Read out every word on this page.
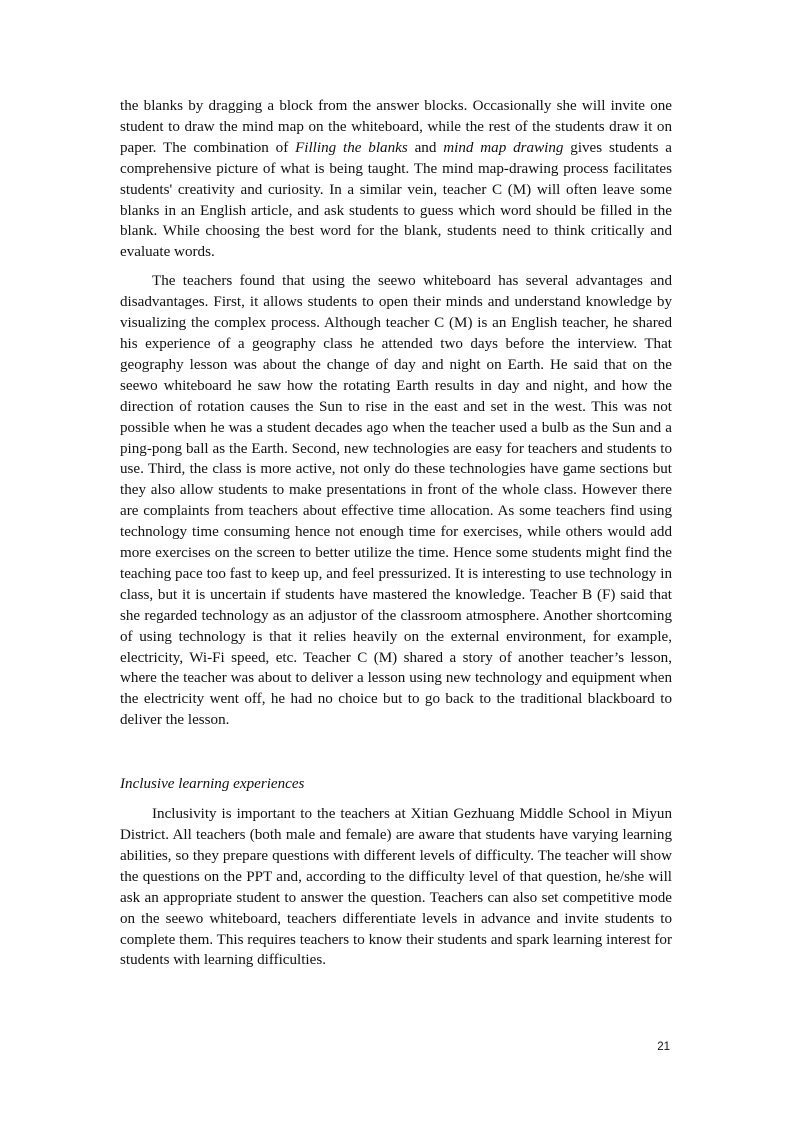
the blanks by dragging a block from the answer blocks. Occasionally she will invite one student to draw the mind map on the whiteboard, while the rest of the students draw it on paper. The combination of Filling the blanks and mind map drawing gives students a comprehensive picture of what is being taught. The mind map-drawing process facilitates students' creativity and curiosity. In a similar vein, teacher C (M) will often leave some blanks in an English article, and ask students to guess which word should be filled in the blank. While choosing the best word for the blank, students need to think critically and evaluate words.

The teachers found that using the seewo whiteboard has several advantages and disadvantages. First, it allows students to open their minds and understand knowledge by visualizing the complex process. Although teacher C (M) is an English teacher, he shared his experience of a geography class he attended two days before the interview. That geography lesson was about the change of day and night on Earth. He said that on the seewo whiteboard he saw how the rotating Earth results in day and night, and how the direction of rotation causes the Sun to rise in the east and set in the west. This was not possible when he was a student decades ago when the teacher used a bulb as the Sun and a ping-pong ball as the Earth. Second, new technologies are easy for teachers and students to use. Third, the class is more active, not only do these technologies have game sections but they also allow students to make presentations in front of the whole class. However there are complaints from teachers about effective time allocation. As some teachers find using technology time consuming hence not enough time for exercises, while others would add more exercises on the screen to better utilize the time. Hence some students might find the teaching pace too fast to keep up, and feel pressurized. It is interesting to use technology in class, but it is uncertain if students have mastered the knowledge. Teacher B (F) said that she regarded technology as an adjustor of the classroom atmosphere. Another shortcoming of using technology is that it relies heavily on the external environment, for example, electricity, Wi-Fi speed, etc. Teacher C (M) shared a story of another teacher’s lesson, where the teacher was about to deliver a lesson using new technology and equipment when the electricity went off, he had no choice but to go back to the traditional blackboard to deliver the lesson.

Inclusive learning experiences

Inclusivity is important to the teachers at Xitian Gezhuang Middle School in Miyun District. All teachers (both male and female) are aware that students have varying learning abilities, so they prepare questions with different levels of difficulty. The teacher will show the questions on the PPT and, according to the difficulty level of that question, he/she will ask an appropriate student to answer the question. Teachers can also set competitive mode on the seewo whiteboard, teachers differentiate levels in advance and invite students to complete them. This requires teachers to know their students and spark learning interest for students with learning difficulties.

21
